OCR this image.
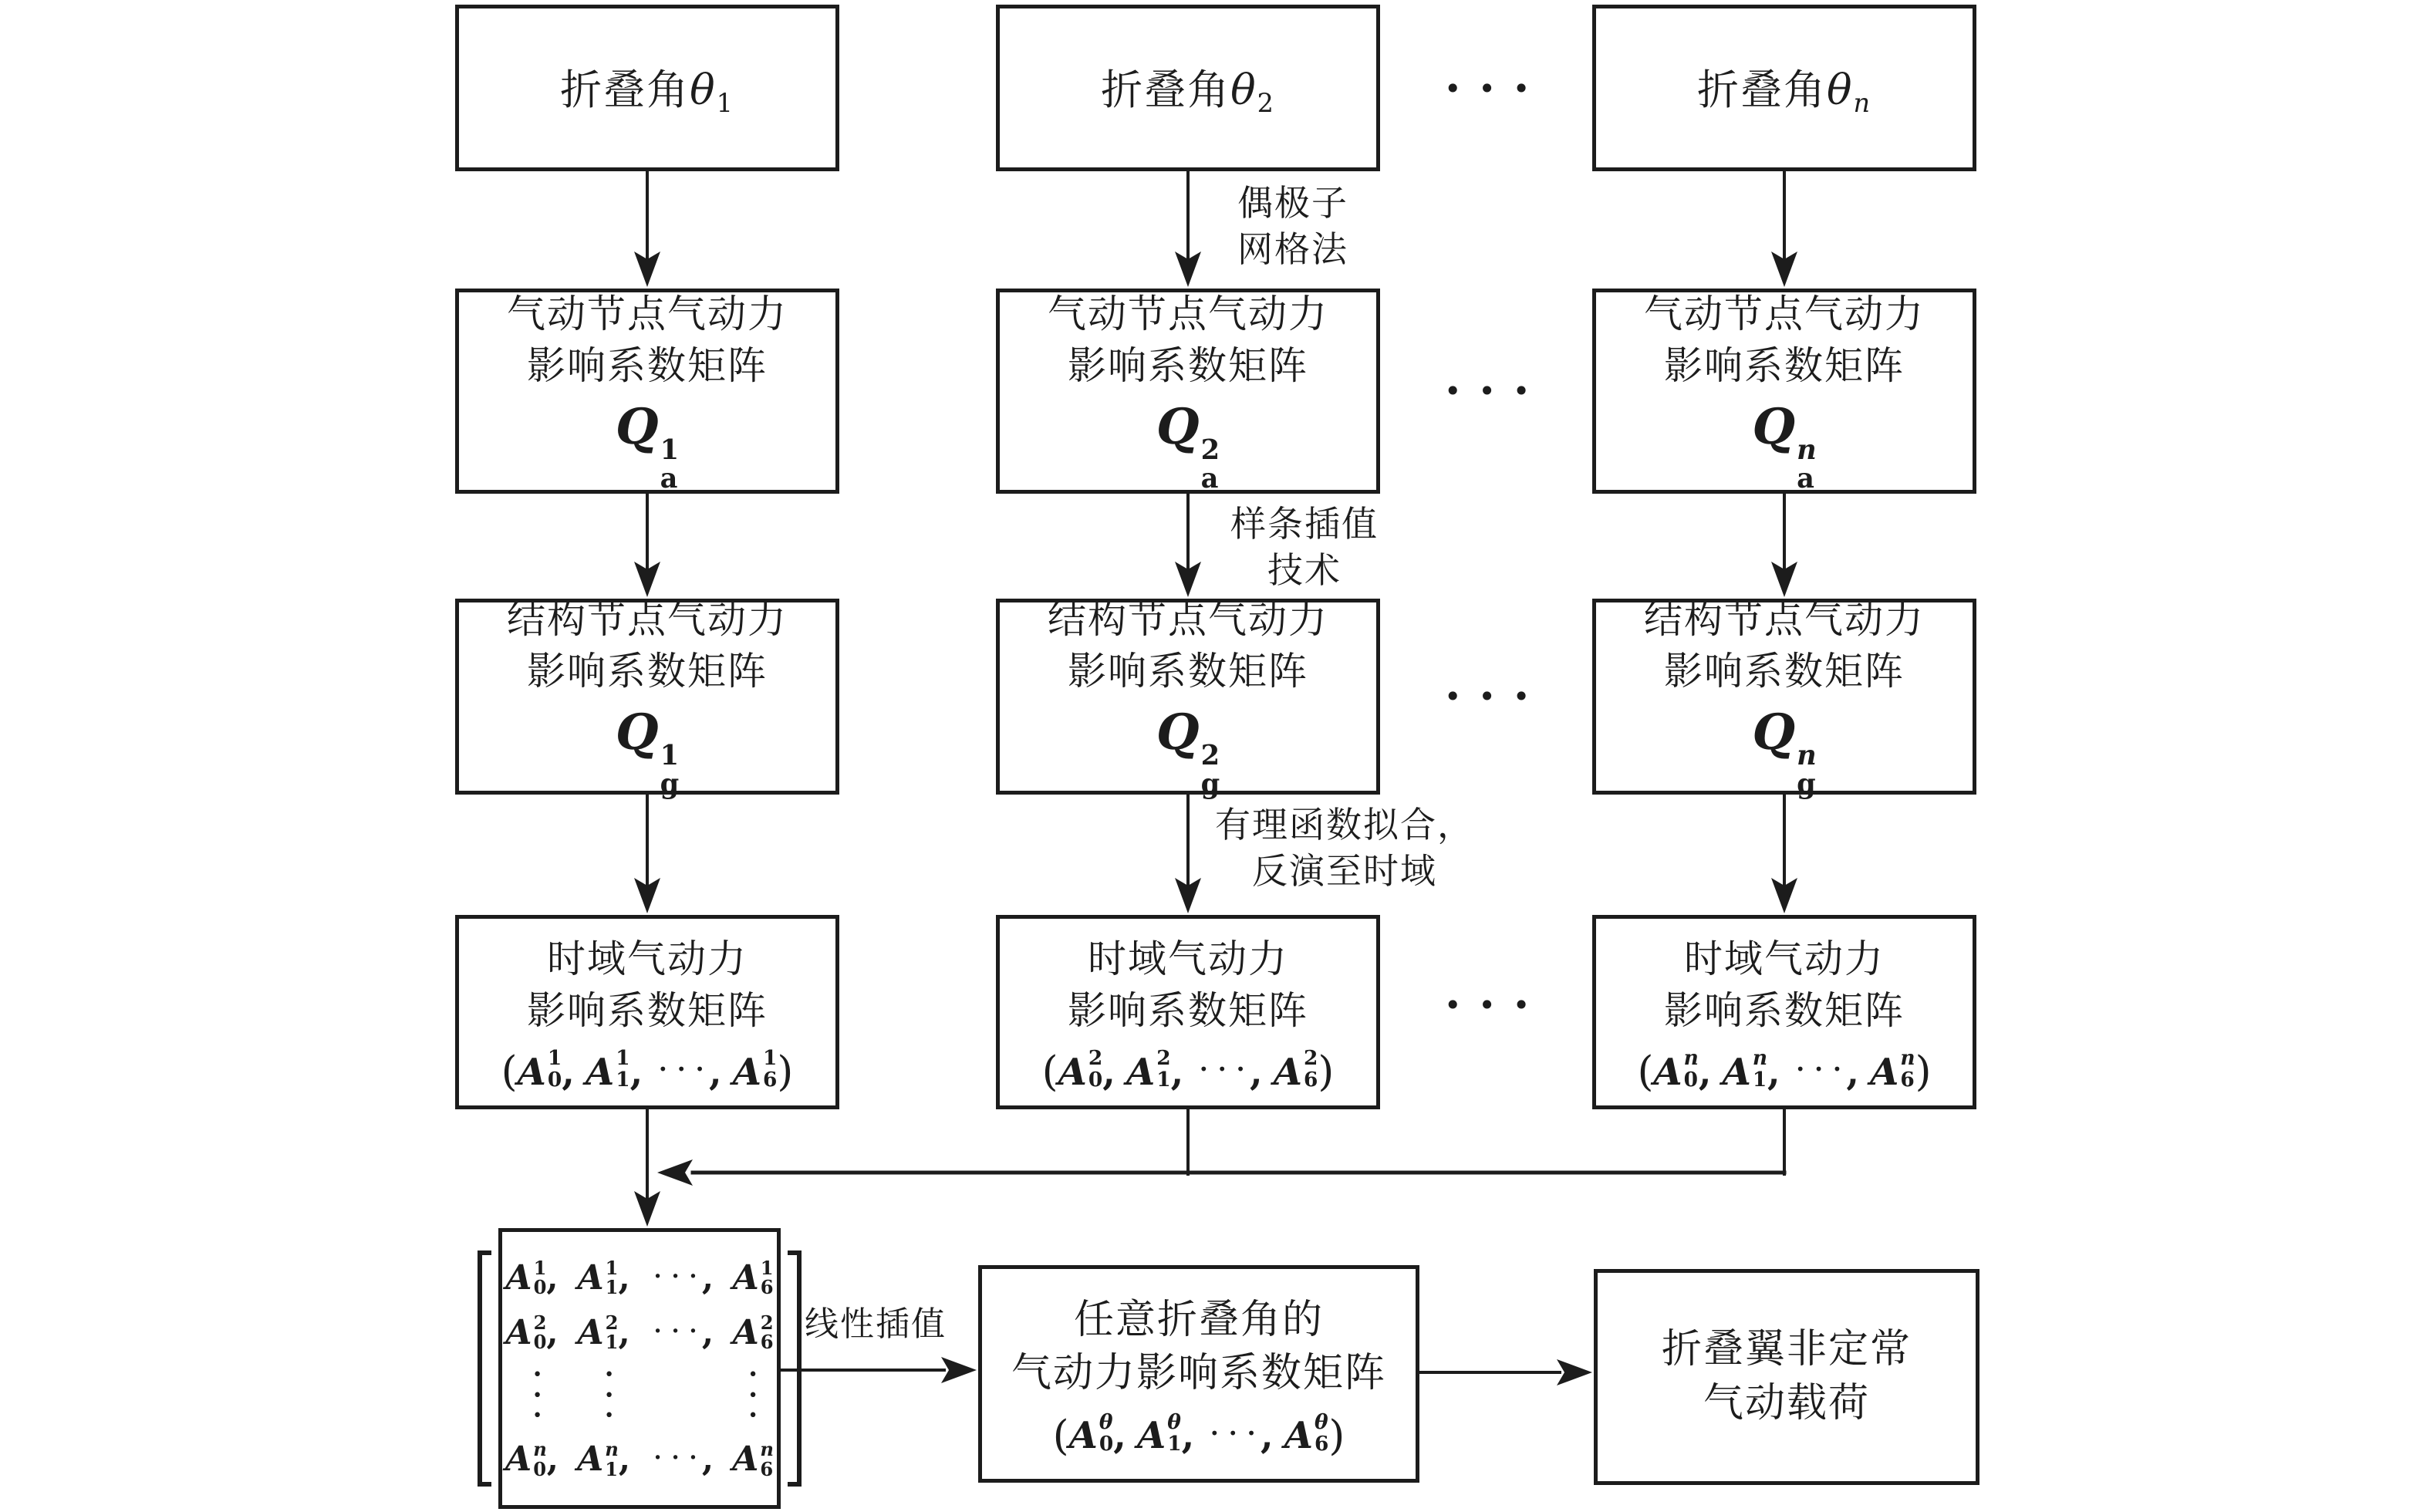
折叠角θ1	折叠角θ2	折叠角θn
气动节点气动力
影响系数矩阵
Q 1
a
气动节点气动力
影响系数矩阵
Q 2
a
气动节点气动力
影响系数矩阵
Q n
a
结构节点气动力
影响系数矩阵
Q 1
g
结构节点气动力
影响系数矩阵
Q 2
g
结构节点气动力
影响系数矩阵
Q n
g
时域气动力
影响系数矩阵
( A 1
0 , A 1
1 , • • • , A 1
6 )
时域气动力
影响系数矩阵
( A 2
0 , A 2
1 , • • • , A 2
6 )
时域气动力
影响系数矩阵
( A n
0 , A n
1 , • • • , A n
6 )
• • •
• • •
• • •
• • •
偶极子
网格法
样条插值
技术
有理函数拟合，
反演至时域
线性插值
A 1
0 , A 1
1 , • • • , A 1
6
A 2
0 , A 2
1 , • • • , A 2
6
•
•
•
•
•
•
•
•
•
A n
0 , A n
1 , • • • , A n
6
任意折叠角的
气动力影响系数矩阵
( A θ
0 , A θ
1 , • • • , A θ
6 )
折叠翼非定常
气动载荷
